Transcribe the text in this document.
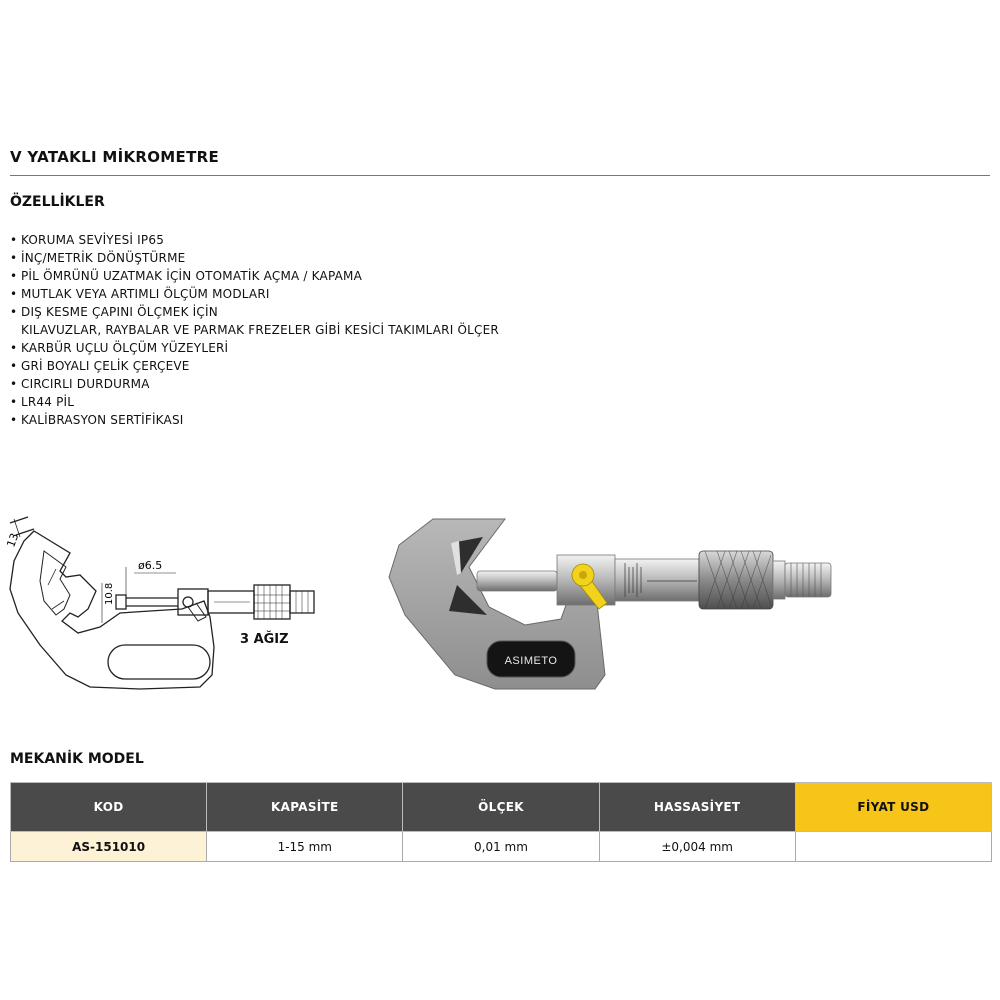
V YATAKLI MİKROMETRE
ÖZELLİKLER
• KORUMA SEVİYESİ IP65
• İNÇ/METRİK DÖNÜŞTÜRME
• PİL ÖMRÜNÜ UZATMAK İÇİN OTOMATİK AÇMA / KAPAMA
• MUTLAK VEYA ARTIMLI ÖLÇÜM MODLARI
• DIŞ KESME ÇAPINI ÖLÇMEK İÇİN
KILAVUZLAR, RAYBALAR VE PARMAK FREZELER GİBİ KESİCİ TAKIMLARI ÖLÇER
• KARBÜR UÇLU ÖLÇÜM YÜZEYLERİ
• GRİ BOYALI ÇELİK ÇERÇEVE
• CIRCIRLI DURDURMA
• LR44 PİL
• KALİBRASYON SERTİFİKASI
13
ø6.5
10.8
3 AĞIZ
ASIMETO
MEKANİK MODEL
KOD	KAPASİTE	ÖLÇEK	HASSASİYET	FİYAT USD
AS-151010	1-15 mm	0,01 mm	±0,004 mm	
